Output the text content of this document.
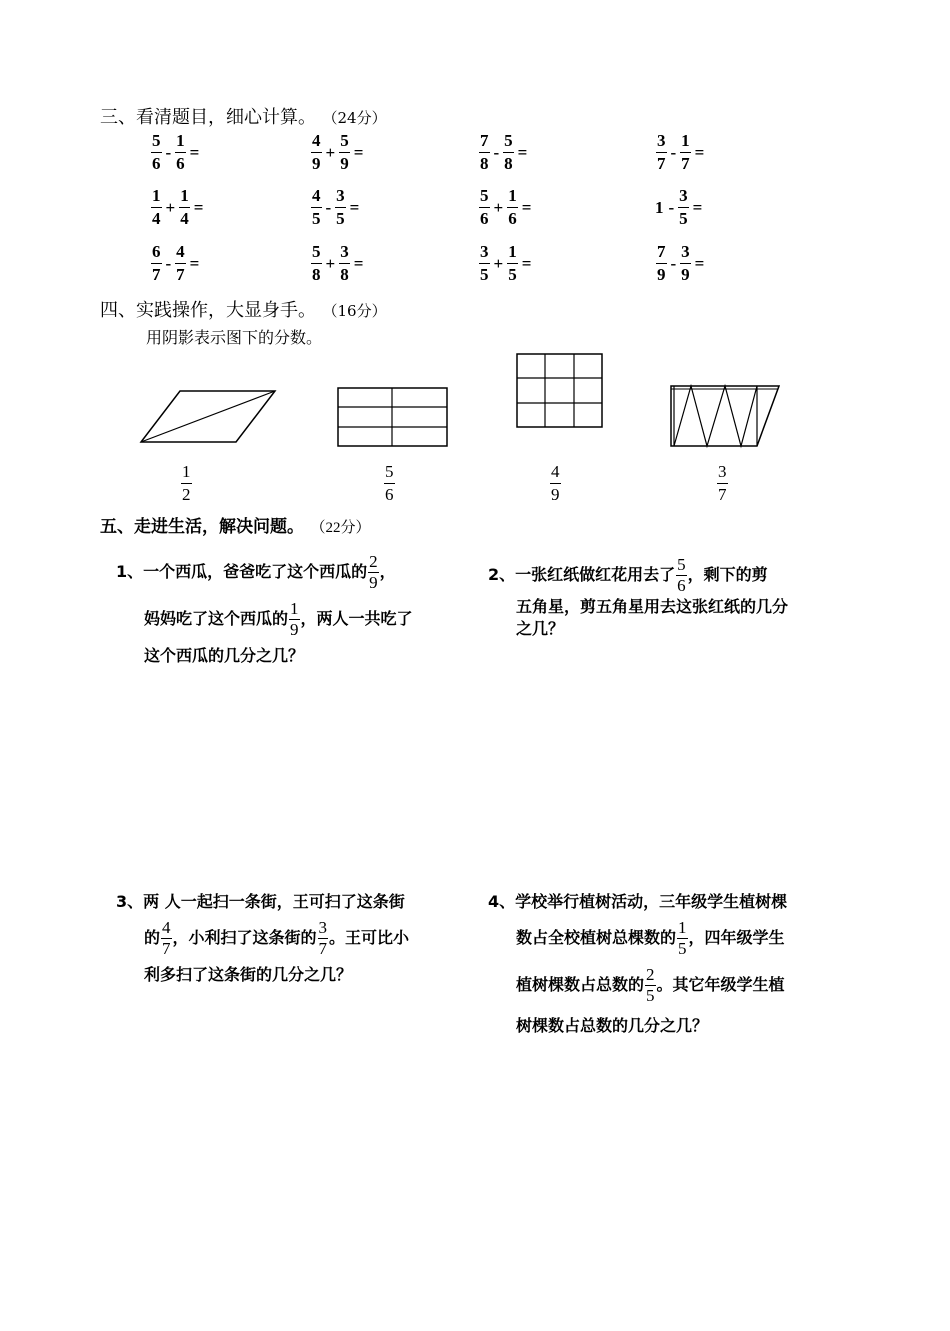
三、看清题目，细心计算。 （24分）
$\frac{5}{6} - \frac{1}{6}$ =	$\frac{4}{9} + \frac{5}{9}$ =	$\frac{7}{8} - \frac{5}{8}$ =	$\frac{3}{7} - \frac{1}{7}$ =
$\frac{1}{4} + \frac{1}{4}$ =	$\frac{4}{5} - \frac{3}{5}$ =	$\frac{5}{6} + \frac{1}{6}$ =	$1 - \frac{3}{5}$ =
$\frac{6}{7} - \frac{4}{7}$ =	$\frac{5}{8} + \frac{3}{8}$ =	$\frac{3}{5} + \frac{1}{5}$ =	$\frac{7}{9} - \frac{3}{9}$ =
四、实践操作，大显身手。 （16分）
用阴影表示图下的分数。
$\frac{1}{2}$	$\frac{5}{6}$	$\frac{4}{9}$	$\frac{3}{7}$
五、走进生活，解决问题。 （22分）
1、一个西瓜，爸爸吃了这个西瓜的 $\frac{2}{9}$ ，
妈妈吃了这个西瓜的 $\frac{1}{9}$ ，两人一共吃了
这个西瓜的几分之几？
2、一张红纸做红花用去了 $\frac{5}{6}$ ，剩下的剪
五角星，剪五角星用去这张红纸的几分
之几？
3、两 人一起扫一条街，王可扫了这条街
的 $\frac{4}{7}$ ，小利扫了这条街的 $\frac{3}{7}$ 。王可比小
利多扫了这条街的几分之几？
4、学校举行植树活动，三年级学生植树棵
数占全校植树总棵数的 $\frac{1}{5}$ ，四年级学生
植树棵数占总数的 $\frac{2}{5}$ 。其它年级学生植
树棵数占总数的几分之几？
